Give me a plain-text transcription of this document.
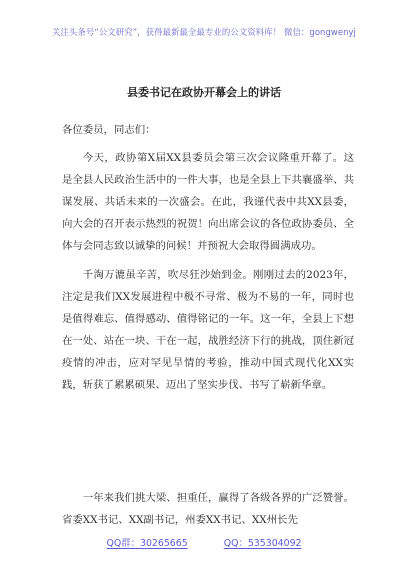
关注头条号“公文研究”，获得最新最全最专业的公文资料库！ 微信：gongwenyj
县委书记在政协开幕会上的讲话
各位委员，同志们：

今天，政协第X届XX县委员会第三次会议隆重开幕了。这是全县人民政治生活中的一件大事，也是全县上下共襄盛举、共谋发展、共话未来的一次盛会。在此，我谨代表中共XX县委，向大会的召开表示热烈的祝贺！向出席会议的各位政协委员、全体与会同志致以诚挚的问候！并预祝大会取得圆满成功。

千淘万漉虽辛苦，吹尽狂沙始到金。刚刚过去的2023年，注定是我们XX发展进程中极不寻常、极为不易的一年，同时也是值得难忘、值得感动、值得铭记的一年。这一年，全县上下想在一处、站在一块、干在一起，战胜经济下行的挑战，顶住新冠疫情的冲击，应对罕见旱情的考验，推动中国式现代化XX实践，斩获了累累硕果、迈出了坚实步伐、书写了崭新华章。

一年来我们挑大梁、担重任，赢得了各级各界的广泛赞誉。省委XX书记、XX副书记，州委XX书记、XX州长先

QQ群：30265665	QQ：535304092
